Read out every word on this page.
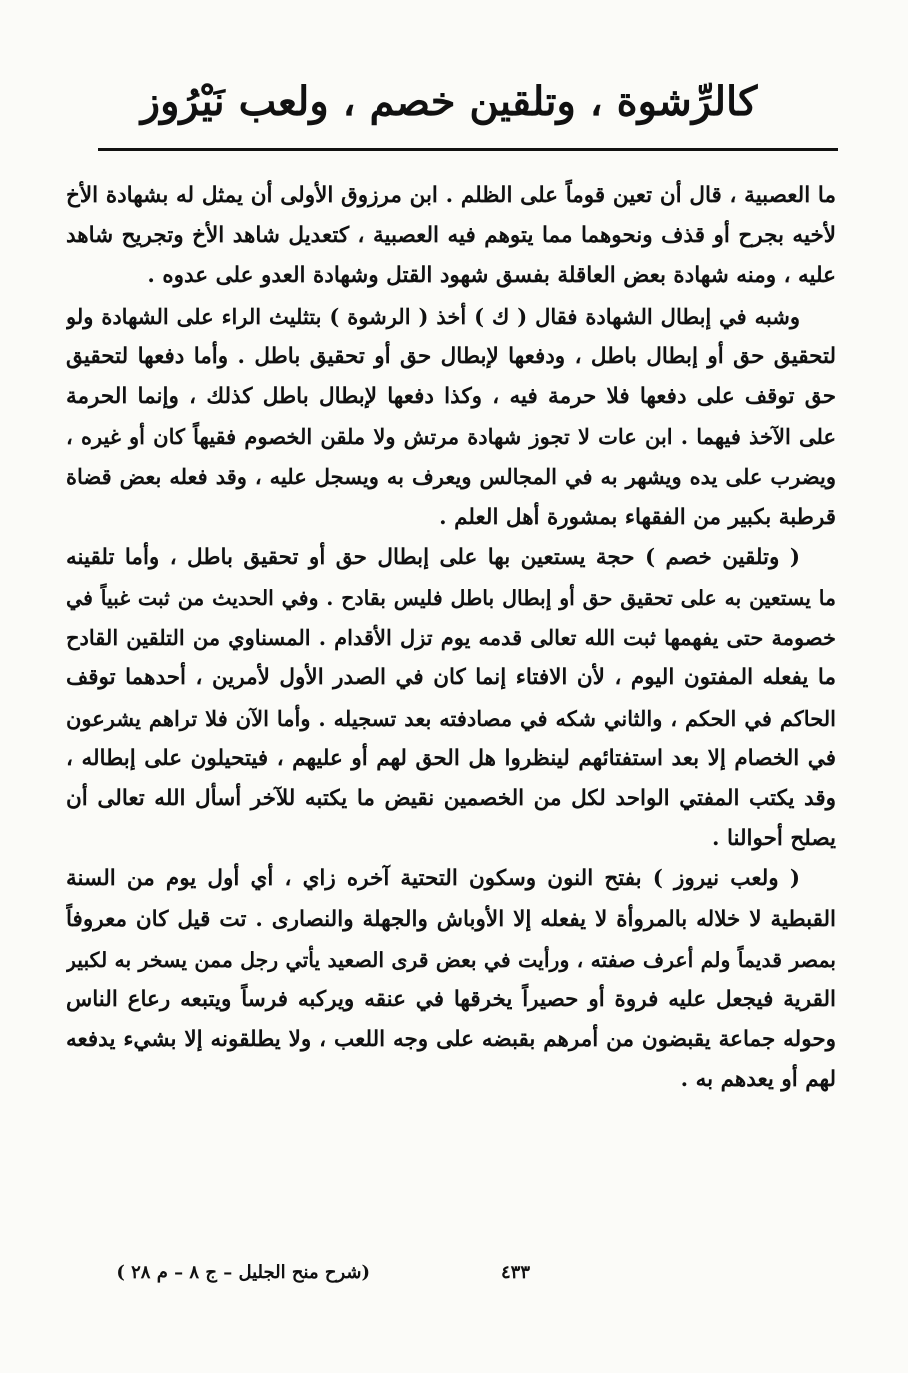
كالرِّشوة ، وتلقين خصم ، ولعب نَيْرُوز
ما العصبية ، قال أن تعين قوماً على الظلم . ابن مرزوق الأولى أن يمثل له بشهادة الأخ
لأخيه بجرح أو قذف ونحوهما مما يتوهم فيه العصبية ، كتعديل شاهد الأخ وتجريح شاهد
عليه ، ومنه شهادة بعض العاقلة بفسق شهود القتل وشهادة العدو على عدوه .
وشبه في إبطال الشهادة فقال ( ك ) أخذ ( الرشوة ) بتثليث الراء على الشهادة ولو
لتحقيق حق أو إبطال باطل ، ودفعها لإبطال حق أو تحقيق باطل . وأما دفعها لتحقيق
حق توقف على دفعها فلا حرمة فيه ، وكذا دفعها لإبطال باطل كذلك ، وإنما الحرمة
على الآخذ فيهما . ابن عات لا تجوز شهادة مرتش ولا ملقن الخصوم فقيهاً كان أو غيره ،
ويضرب على يده ويشهر به في المجالس ويعرف به ويسجل عليه ، وقد فعله بعض قضاة
قرطبة بكبير من الفقهاء بمشورة أهل العلم .
( وتلقين خصم ) حجة يستعين بها على إبطال حق أو تحقيق باطل ، وأما تلقينه
ما يستعين به على تحقيق حق أو إبطال باطل فليس بقادح . وفي الحديث من ثبت غبياً في
خصومة حتى يفهمها ثبت الله تعالى قدمه يوم تزل الأقدام . المسناوي من التلقين القادح
ما يفعله المفتون اليوم ، لأن الافتاء إنما كان في الصدر الأول لأمرين ، أحدهما توقف
الحاكم في الحكم ، والثاني شكه في مصادفته بعد تسجيله . وأما الآن فلا تراهم يشرعون
في الخصام إلا بعد استفتائهم لينظروا هل الحق لهم أو عليهم ، فيتحيلون على إبطاله ،
وقد يكتب المفتي الواحد لكل من الخصمين نقيض ما يكتبه للآخر أسأل الله تعالى أن
يصلح أحوالنا .
( ولعب نيروز ) بفتح النون وسكون التحتية آخره زاي ، أي أول يوم من السنة
القبطية لا خلاله بالمروأة لا يفعله إلا الأوباش والجهلة والنصارى . تت قيل كان معروفاً
بمصر قديماً ولم أعرف صفته ، ورأيت في بعض قرى الصعيد يأتي رجل ممن يسخر به لكبير
القرية فيجعل عليه فروة أو حصيراً يخرقها في عنقه ويركبه فرساً ويتبعه رعاع الناس
وحوله جماعة يقبضون من أمرهم بقبضه على وجه اللعب ، ولا يطلقونه إلا بشيء يدفعه
لهم أو يعدهم به .
(شرح منح الجليل – ج ٨ – م ٢٨ )	٤٣٣
